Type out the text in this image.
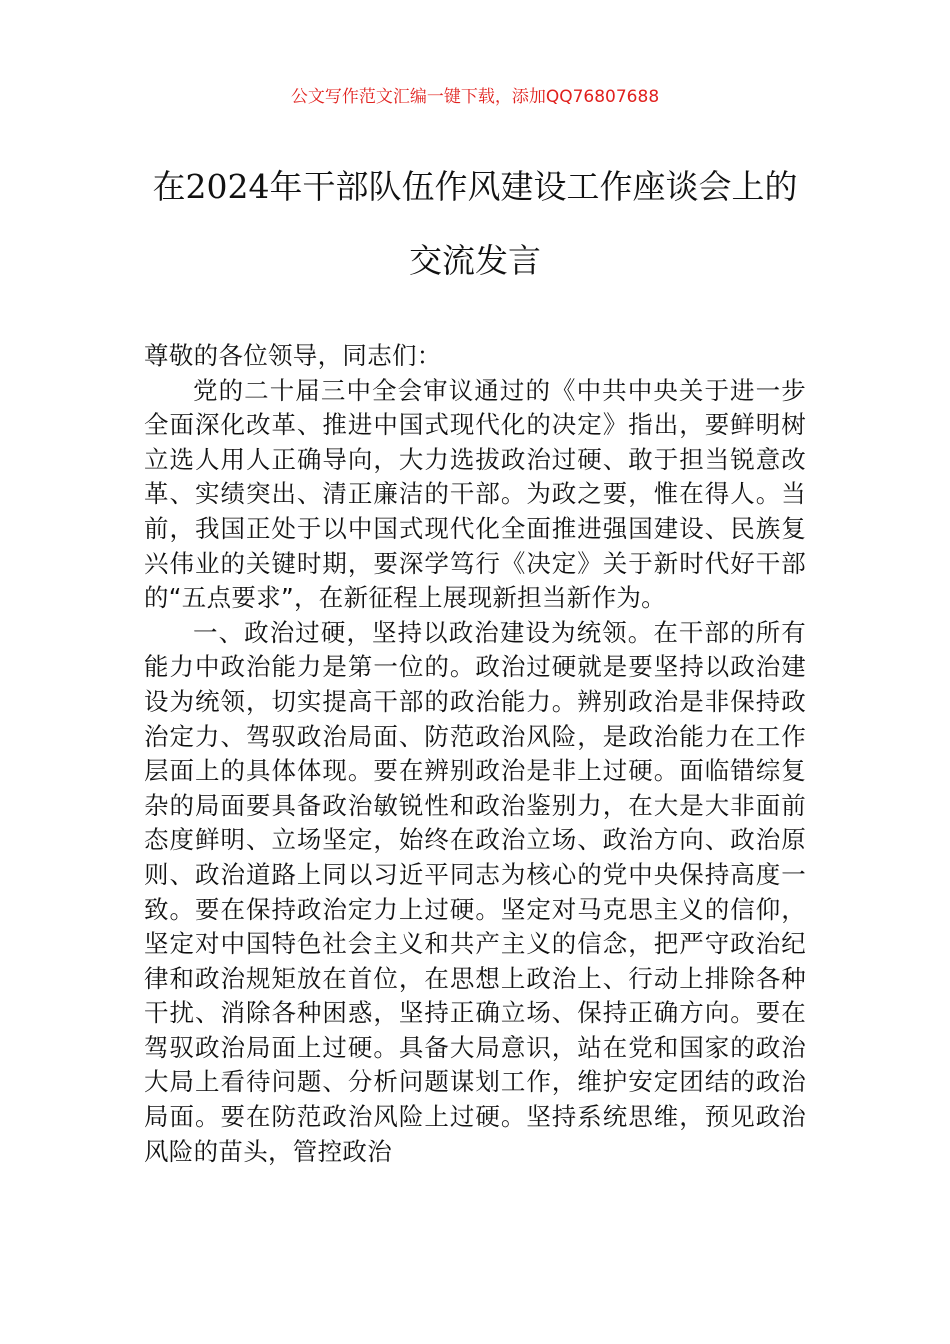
公文写作范文汇编一键下载，添加QQ76807688
在2024年干部队伍作风建设工作座谈会上的交流发言

尊敬的各位领导，同志们：

党的二十届三中全会审议通过的《中共中央关于进一步全面深化改革、推进中国式现代化的决定》指出，要鲜明树立选人用人正确导向，大力选拔政治过硬、敢于担当锐意改革、实绩突出、清正廉洁的干部。为政之要，惟在得人。当前，我国正处于以中国式现代化全面推进强国建设、民族复兴伟业的关键时期，要深学笃行《决定》关于新时代好干部的“五点要求”，在新征程上展现新担当新作为。

一、政治过硬，坚持以政治建设为统领。在干部的所有能力中政治能力是第一位的。政治过硬就是要坚持以政治建设为统领，切实提高干部的政治能力。辨别政治是非保持政治定力、驾驭政治局面、防范政治风险，是政治能力在工作层面上的具体体现。要在辨别政治是非上过硬。面临错综复杂的局面要具备政治敏锐性和政治鉴别力，在大是大非面前态度鲜明、立场坚定，始终在政治立场、政治方向、政治原则、政治道路上同以习近平同志为核心的党中央保持高度一致。要在保持政治定力上过硬。坚定对马克思主义的信仰，坚定对中国特色社会主义和共产主义的信念，把严守政治纪律和政治规矩放在首位，在思想上政治上、行动上排除各种干扰、消除各种困惑，坚持正确立场、保持正确方向。要在驾驭政治局面上过硬。具备大局意识，站在党和国家的政治大局上看待问题、分析问题谋划工作，维护安定团结的政治局面。要在防范政治风险上过硬。坚持系统思维，预见政治风险的苗头，管控政治
